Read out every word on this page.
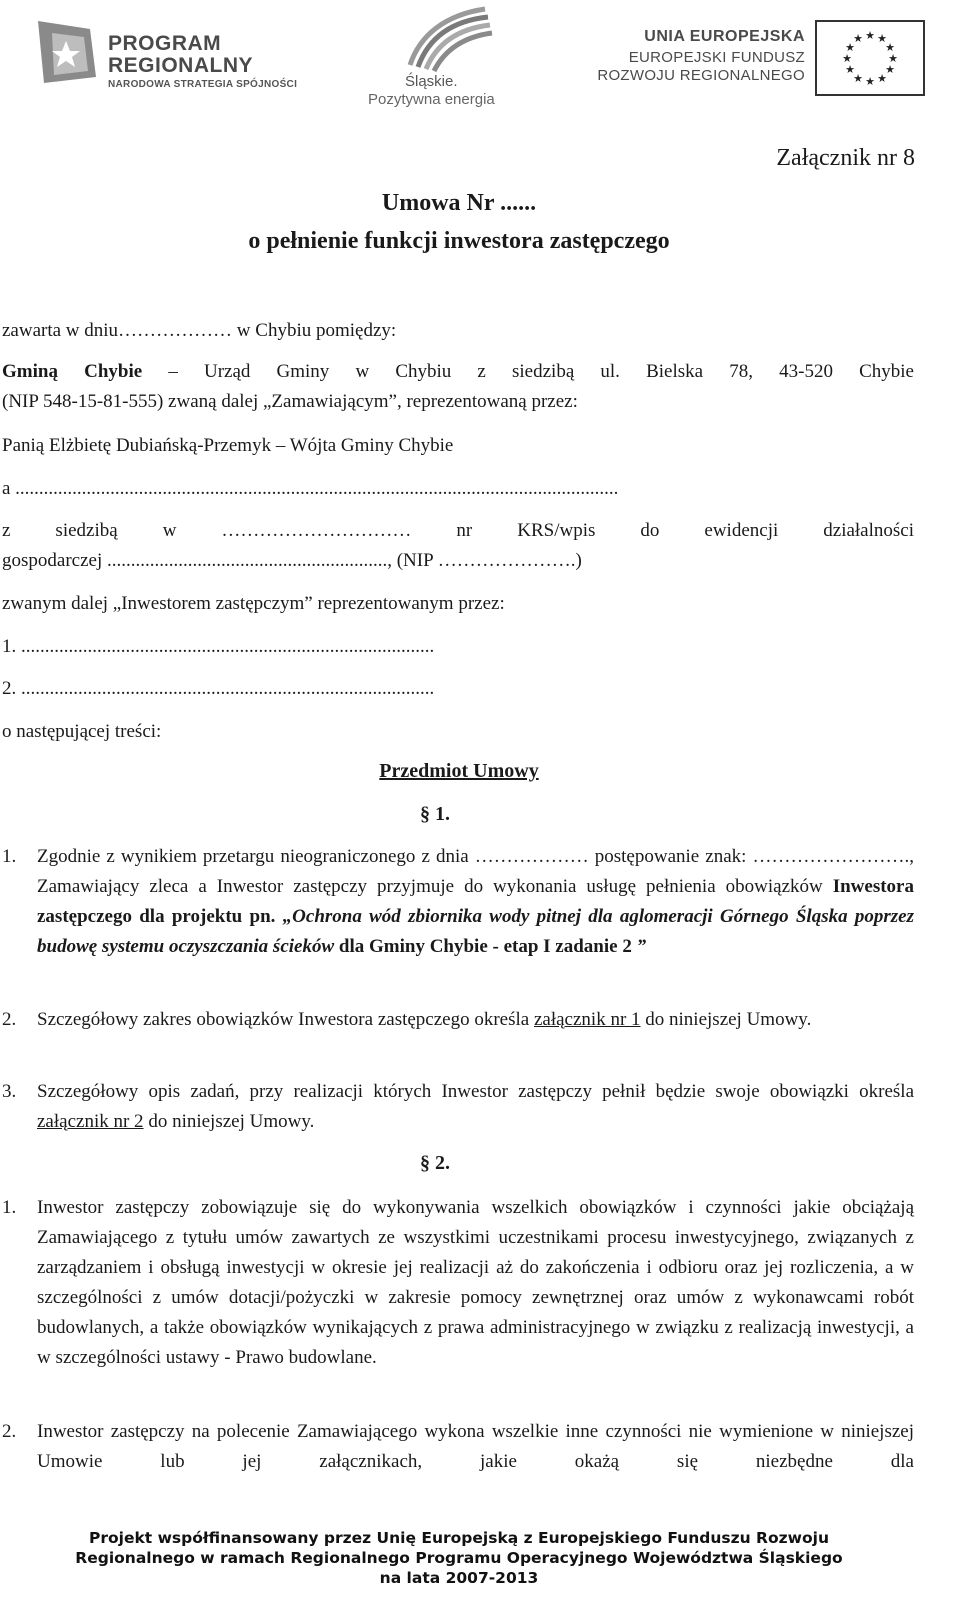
PROGRAM
REGIONALNY
NARODOWA STRATEGIA SPÓJNOŚCI	Śląskie.
Pozytywna energia
UNIA EUROPEJSKA
EUROPEJSKI FUNDUSZ
ROZWOJU REGIONALNEGO
★ ★
★
★
★
★
★
★
★
★
★
★
Załącznik nr 8
Umowa Nr ......
o pełnienie funkcji inwestora zastępczego
zawarta w dniu……………… w Chybiu pomiędzy:
Gminą Chybie – Urząd Gminy w Chybiu z siedzibą ul. Bielska 78, 43-520 Chybie
(NIP 548-15-81-555) zwaną dalej „Zamawiającym”, reprezentowaną przez:
Panią Elżbietę Dubiańską-Przemyk – Wójta Gminy Chybie
a ...............................................................................................................................
z siedzibą w ………………………… nr KRS/wpis do ewidencji działalności
gospodarczej ..........................................................., (NIP ………………….)
zwanym dalej „Inwestorem zastępczym” reprezentowanym przez:
1. .......................................................................................
2. .......................................................................................
o następującej treści:
Przedmiot Umowy
§ 1.
1. Zgodnie z wynikiem przetargu nieograniczonego z dnia ……………… postępowanie znak: ……………………., Zamawiający zleca a Inwestor zastępczy przyjmuje do wykonania usługę pełnienia obowiązków Inwestora zastępczego dla projektu pn. „Ochrona wód zbiornika wody pitnej dla aglomeracji Górnego Śląska poprzez budowę systemu oczyszczania ścieków dla Gminy Chybie - etap I zadanie 2 ”
2. Szczegółowy zakres obowiązków Inwestora zastępczego określa załącznik nr 1 do niniejszej Umowy.
3. Szczegółowy opis zadań, przy realizacji których Inwestor zastępczy pełnił będzie swoje obowiązki określa załącznik nr 2 do niniejszej Umowy.
§ 2.
1. Inwestor zastępczy zobowiązuje się do wykonywania wszelkich obowiązków i czynności jakie obciążają Zamawiającego z tytułu umów zawartych ze wszystkimi uczestnikami procesu inwestycyjnego, związanych z zarządzaniem i obsługą inwestycji w okresie jej realizacji aż do zakończenia i odbioru oraz jej rozliczenia, a w szczególności z umów dotacji/pożyczki w zakresie pomocy zewnętrznej oraz umów z wykonawcami robót budowlanych, a także obowiązków wynikających z prawa administracyjnego w związku z realizacją inwestycji, a w szczególności ustawy - Prawo budowlane.
2. Inwestor zastępczy na polecenie Zamawiającego wykona wszelkie inne czynności nie wymienione w niniejszej Umowie lub jej załącznikach, jakie okażą się niezbędne dla
Projekt współfinansowany przez Unię Europejską z Europejskiego Funduszu Rozwoju
Regionalnego w ramach Regionalnego Programu Operacyjnego Województwa Śląskiego
na lata 2007-2013
